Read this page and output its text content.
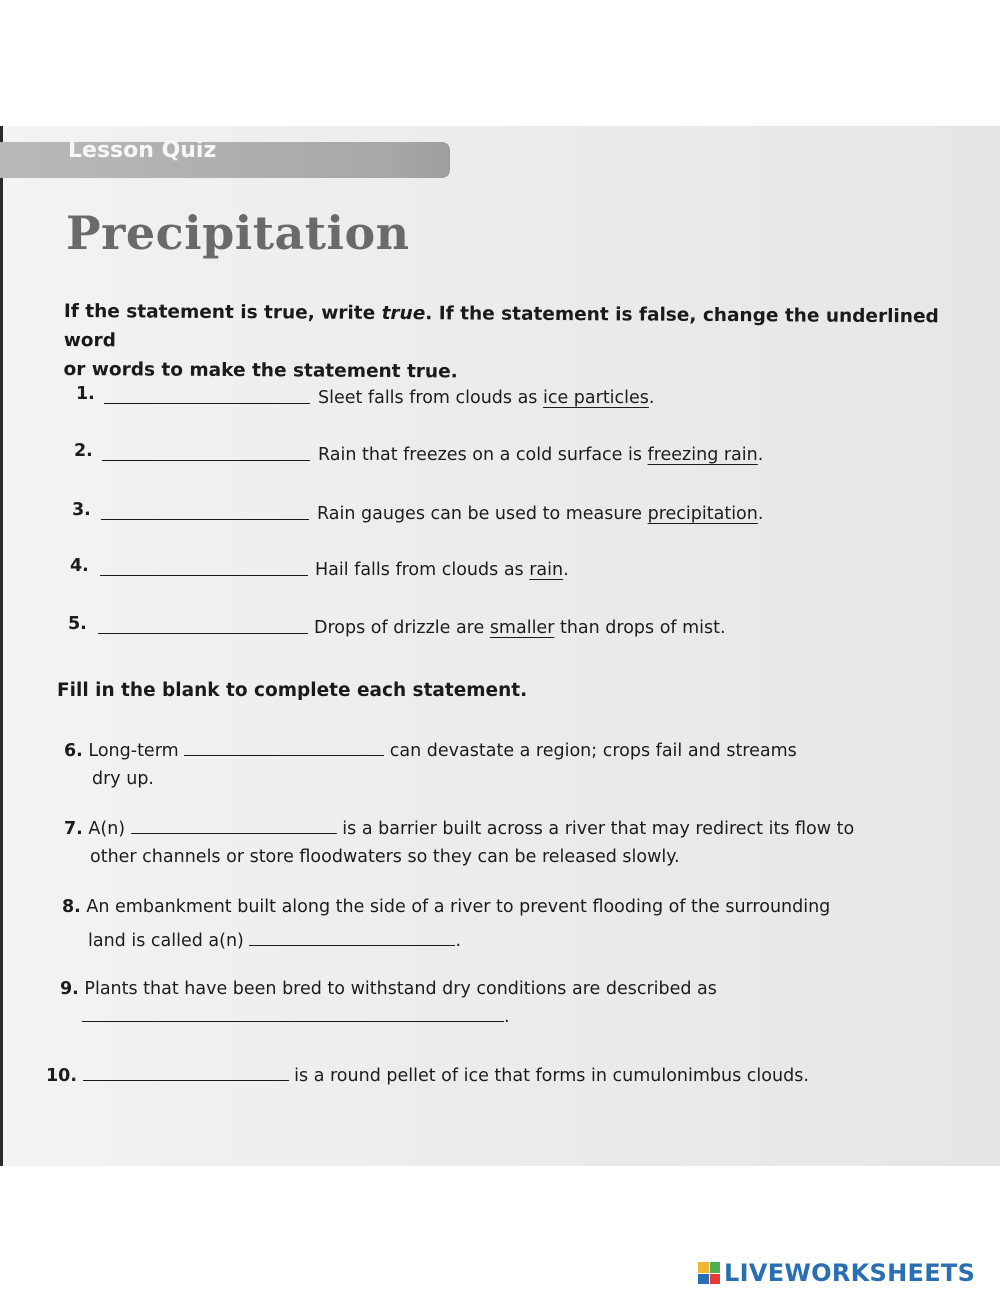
Lesson Quiz
Precipitation
If the statement is true, write true. If the statement is false, change the underlined word
or words to make the statement true.
1.	Sleet falls from clouds as ice particles.
2.	Rain that freezes on a cold surface is freezing rain.
3.	Rain gauges can be used to measure precipitation.
4.	Hail falls from clouds as rain.
5.	Drops of drizzle are smaller than drops of mist.
Fill in the blank to complete each statement.
6. Long-term	can devastate a region; crops fail and streams
dry up.
7. A(n)	is a barrier built across a river that may redirect its flow to
other channels or store floodwaters so they can be released slowly.
8. An embankment built along the side of a river to prevent flooding of the surrounding
land is called a(n)	.
9. Plants that have been bred to withstand dry conditions are described as
.
10.	is a round pellet of ice that forms in cumulonimbus clouds.
LIVEWORKSHEETS
